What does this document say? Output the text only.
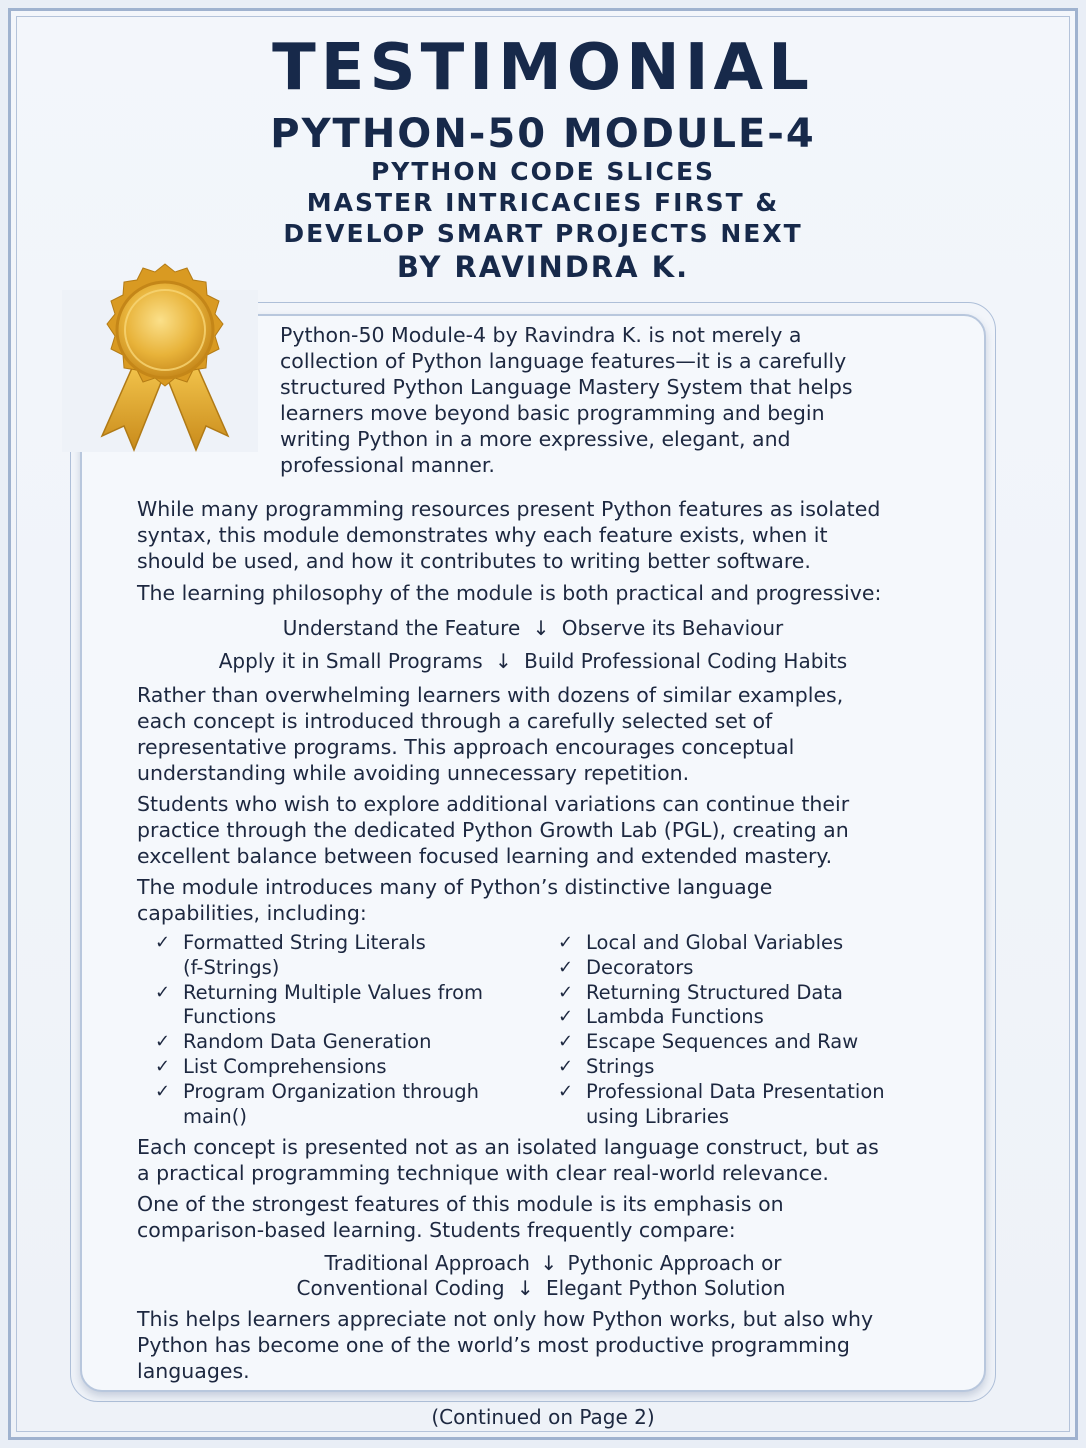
TESTIMONIAL
PYTHON-50 MODULE-4
PYTHON CODE SLICES
MASTER INTRICACIES FIRST &
DEVELOP SMART PROJECTS NEXT
BY RAVINDRA K.
Python-50 Module-4 by Ravindra K. is not merely a
collection of Python language features—it is a carefully
structured Python Language Mastery System that helps
learners move beyond basic programming and begin
writing Python in a more expressive, elegant, and
professional manner.
While many programming resources present Python features as isolated
syntax, this module demonstrates why each feature exists, when it
should be used, and how it contributes to writing better software.
The learning philosophy of the module is both practical and progressive:
Understand the Feature ↓ Observe its Behaviour
Apply it in Small Programs ↓ Build Professional Coding Habits
Rather than overwhelming learners with dozens of similar examples,
each concept is introduced through a carefully selected set of
representative programs. This approach encourages conceptual
understanding while avoiding unnecessary repetition.
Students who wish to explore additional variations can continue their
practice through the dedicated Python Growth Lab (PGL), creating an
excellent balance between focused learning and extended mastery.
The module introduces many of Python’s distinctive language
capabilities, including:
✓ Formatted String Literals
(f-Strings)
✓ Returning Multiple Values from
Functions
✓ Random Data Generation
✓ List Comprehensions
✓ Program Organization through
main()
✓ Local and Global Variables
✓ Decorators
✓ Returning Structured Data
✓ Lambda Functions
✓ Escape Sequences and Raw
✓ Strings
✓ Professional Data Presentation
using Libraries
Each concept is presented not as an isolated language construct, but as
a practical programming technique with clear real-world relevance.
One of the strongest features of this module is its emphasis on
comparison-based learning. Students frequently compare:
Traditional Approach ↓ Pythonic Approach or
Conventional Coding ↓ Elegant Python Solution
This helps learners appreciate not only how Python works, but also why
Python has become one of the world’s most productive programming
languages.
(Continued on Page 2)
